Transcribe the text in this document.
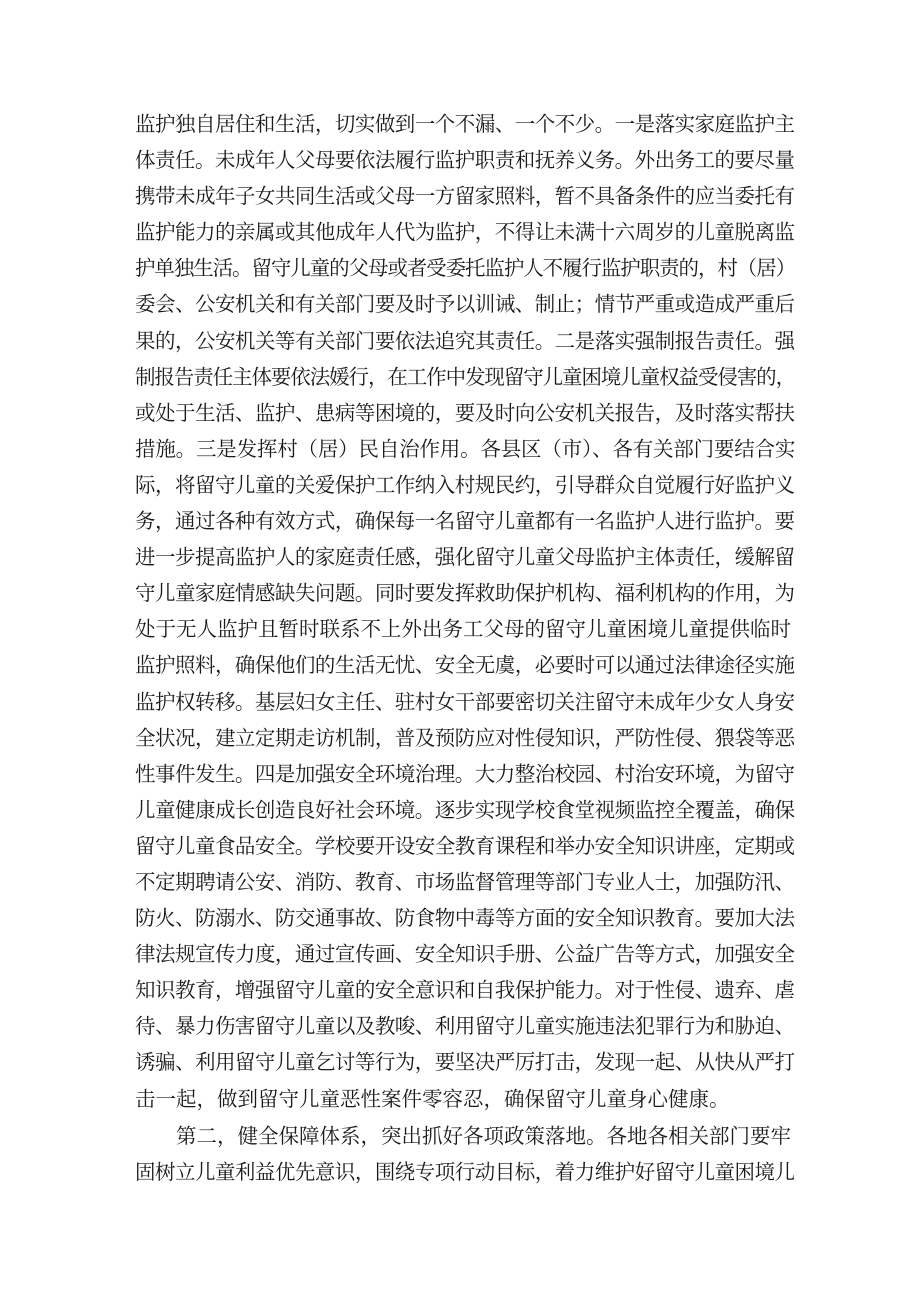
监护独自居住和生活，切实做到一个不漏、一个不少。一是落实家庭监护主
体责任。未成年人父母要依法履行监护职责和抚养义务。外出务工的要尽量
携带未成年子女共同生活或父母一方留家照料，暂不具备条件的应当委托有
监护能力的亲属或其他成年人代为监护，不得让未满十六周岁的儿童脱离监
护单独生活。留守儿童的父母或者受委托监护人不履行监护职责的，村（居）
委会、公安机关和有关部门要及时予以训诫、制止；情节严重或造成严重后
果的，公安机关等有关部门要依法追究其责任。二是落实强制报告责任。强
制报告责任主体要依法媛行，在工作中发现留守儿童困境儿童权益受侵害的，
或处于生活、监护、患病等困境的，要及时向公安机关报告，及时落实帮扶
措施。三是发挥村（居）民自治作用。各县区（市）、各有关部门要结合实
际，将留守儿童的关爱保护工作纳入村规民约，引导群众自觉履行好监护义
务，通过各种有效方式，确保每一名留守儿童都有一名监护人进行监护。要
进一步提高监护人的家庭责任感，强化留守儿童父母监护主体责任，缓解留
守儿童家庭情感缺失问题。同时要发挥救助保护机构、福利机构的作用，为
处于无人监护且暂时联系不上外出务工父母的留守儿童困境儿童提供临时
监护照料，确保他们的生活无忧、安全无虞，必要时可以通过法律途径实施
监护权转移。基层妇女主任、驻村女干部要密切关注留守未成年少女人身安
全状况，建立定期走访机制，普及预防应对性侵知识，严防性侵、猥袋等恶
性事件发生。四是加强安全环境治理。大力整治校园、村治安环境，为留守
儿童健康成长创造良好社会环境。逐步实现学校食堂视频监控全覆盖，确保
留守儿童食品安全。学校要开设安全教育课程和举办安全知识讲座，定期或
不定期聘请公安、消防、教育、市场监督管理等部门专业人士，加强防汛、
防火、防溺水、防交通事故、防食物中毒等方面的安全知识教育。要加大法
律法规宣传力度，通过宣传画、安全知识手册、公益广告等方式，加强安全
知识教育，增强留守儿童的安全意识和自我保护能力。对于性侵、遗弃、虐
待、暴力伤害留守儿童以及教唆、利用留守儿童实施违法犯罪行为和胁迫、
诱骗、利用留守儿童乞讨等行为，要坚决严厉打击，发现一起、从快从严打
击一起，做到留守儿童恶性案件零容忍，确保留守儿童身心健康。
　　第二，健全保障体系，突出抓好各项政策落地。各地各相关部门要牢
固树立儿童利益优先意识，围绕专项行动目标，着力维护好留守儿童困境儿
